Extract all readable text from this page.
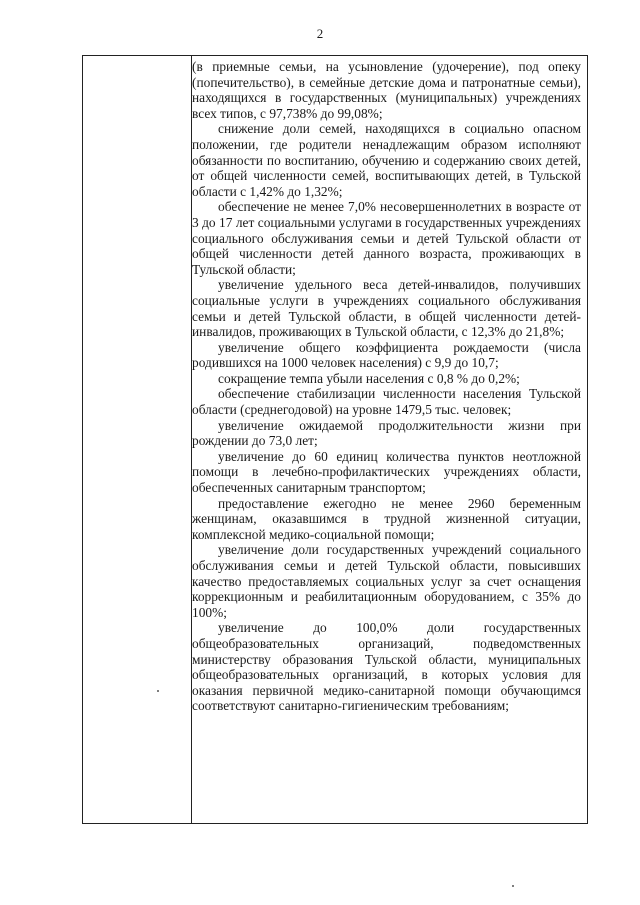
2

(в приемные семьи, на усыновление (удочерение), под опеку (попечительство), в семейные детские дома и патронатные семьи), находящихся в государственных (муниципальных) учреждениях всех типов, с 97,738% до 99,08%;

снижение доли семей, находящихся в социально опасном положении, где родители ненадлежащим образом исполняют обязанности по воспитанию, обучению и содержанию своих детей, от общей численности семей, воспитывающих детей, в Тульской области с 1,42% до 1,32%;

обеспечение не менее 7,0% несовершеннолетних в возрасте от 3 до 17 лет социальными услугами в государственных учреждениях социального обслуживания семьи и детей Тульской области от общей численности детей данного возраста, проживающих в Тульской области;

увеличение удельного веса детей-инвалидов, получивших социальные услуги в учреждениях социального обслуживания семьи и детей Тульской области, в общей численности детей-инвалидов, проживающих в Тульской области, с 12,3% до 21,8%;

увеличение общего коэффициента рождаемости (числа родившихся на 1000 человек населения) с 9,9 до 10,7;

сокращение темпа убыли населения с 0,8 % до 0,2%;

обеспечение стабилизации численности населения Тульской области (среднегодовой) на уровне 1479,5 тыс. человек;

увеличение ожидаемой продолжительности жизни при рождении до 73,0 лет;

увеличение до 60 единиц количества пунктов неотложной помощи в лечебно-профилактических учреждениях области, обеспеченных санитарным транспортом;

предоставление ежегодно не менее 2960 беременным женщинам, оказавшимся в трудной жизненной ситуации, комплексной медико-социальной помощи;

увеличение доли государственных учреждений социального обслуживания семьи и детей Тульской области, повысивших качество предоставляемых социальных услуг за счет оснащения коррекционным и реабилитационным оборудованием, с 35% до 100%;

увеличение до 100,0% доли государственных общеобразовательных организаций, подведомственных министерству образования Тульской области, муниципальных общеобразовательных организаций, в которых условия для оказания первичной медико-санитарной помощи обучающимся соответствуют санитарно-гигиеническим требованиям;
